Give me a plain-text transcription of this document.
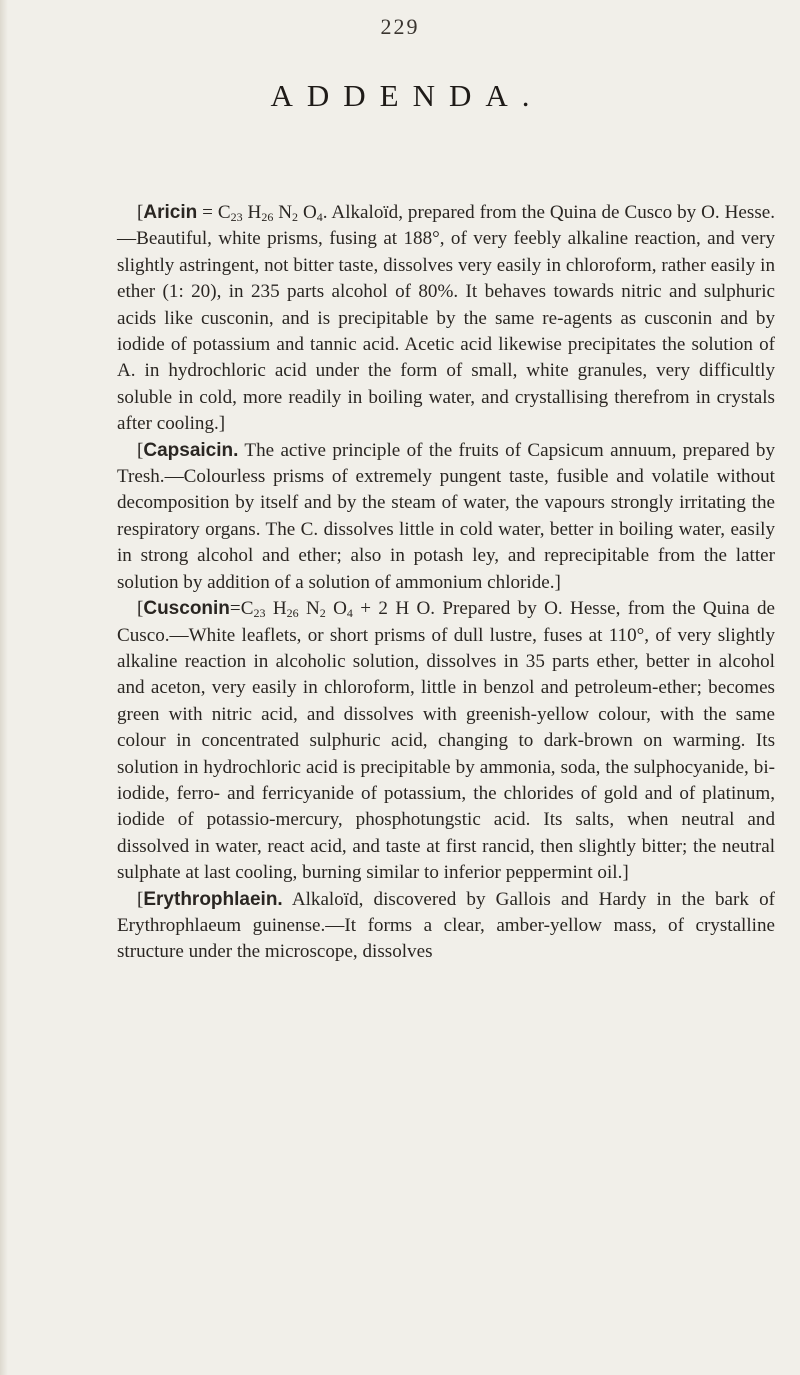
229
ADDENDA.

[Aricin = $C_{23}$ $H_{26}$ $N_2$ $O_4$. Alkaloïd, prepared from the Quina de Cusco by O. Hesse.—Beautiful, white prisms, fusing at 188°, of very feebly alkaline reaction, and very slightly astringent, not bitter taste, dissolves very easily in chloroform, rather easily in ether (1: 20), in 235 parts alcohol of 80%. It behaves towards nitric and sulphuric acids like cusconin, and is precipitable by the same re-agents as cusconin and by iodide of potassium and tannic acid. Acetic acid likewise precipitates the solution of A. in hydrochloric acid under the form of small, white granules, very difficultly soluble in cold, more readily in boiling water, and crystallising therefrom in crystals after cooling.]

[Capsaicin. The active principle of the fruits of Capsicum annuum, prepared by Tresh.—Colourless prisms of extremely pungent taste, fusible and volatile without decomposition by itself and by the steam of water, the vapours strongly irritating the respiratory organs. The C. dissolves little in cold water, better in boiling water, easily in strong alcohol and ether; also in potash ley, and reprecipitable from the latter solution by addition of a solution of ammonium chloride.]

[$Cusconin=C_{23}$ $H_{26}$ $N_2$ $O_4 + 2$ H O. Prepared by O. Hesse, from the Quina de Cusco.—White leaflets, or short prisms of dull lustre, fuses at 110°, of very slightly alkaline reaction in alcoholic solution, dissolves in 35 parts ether, better in alcohol and aceton, very easily in chloroform, little in benzol and petroleum-ether; becomes green with nitric acid, and dissolves with greenish-yellow colour, with the same colour in concentrated sulphuric acid, changing to dark-brown on warming. Its solution in hydrochloric acid is precipitable by ammonia, soda, the sulphocyanide, bi-iodide, ferro- and ferricyanide of potassium, the chlorides of gold and of platinum, iodide of potassio-mercury, phosphotungstic acid. Its salts, when neutral and dissolved in water, react acid, and taste at first rancid, then slightly bitter; the neutral sulphate at last cooling, burning similar to inferior peppermint oil.]

[Erythrophlaein. Alkaloïd, discovered by Gallois and Hardy in the bark of Erythrophlaeum guinense.—It forms a clear, amber-yellow mass, of crystalline structure under the microscope, dissolves
